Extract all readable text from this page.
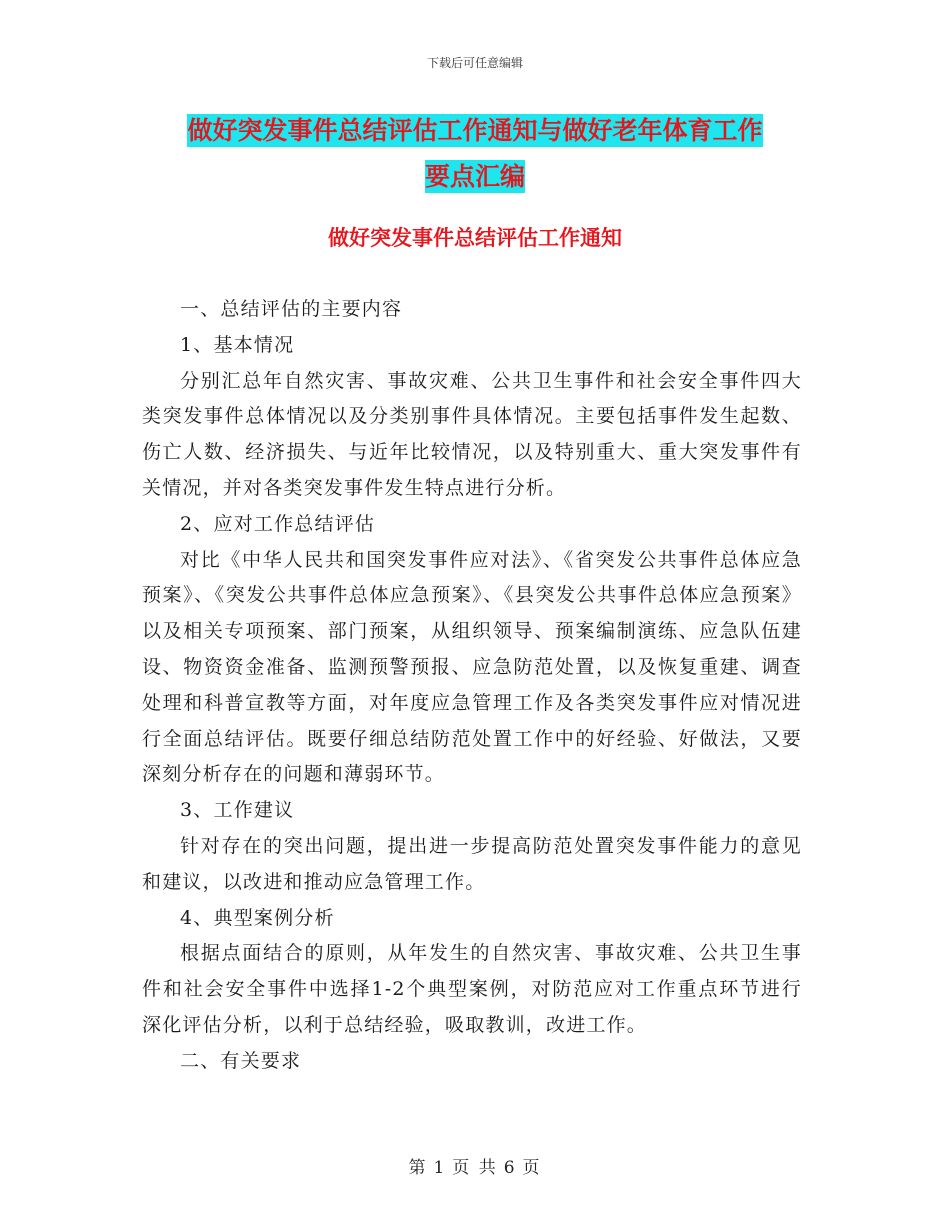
下载后可任意编辑
做好突发事件总结评估工作通知与做好老年体育工作
要点汇编
做好突发事件总结评估工作通知

一、总结评估的主要内容

1、基本情况

分别汇总年自然灾害、事故灾难、公共卫生事件和社会安全事件四大类突发事件总体情况以及分类别事件具体情况。主要包括事件发生起数、伤亡人数、经济损失、与近年比较情况，以及特别重大、重大突发事件有关情况，并对各类突发事件发生特点进行分析。

2、应对工作总结评估

对比《中华人民共和国突发事件应对法》、《省突发公共事件总体应急预案》、《突发公共事件总体应急预案》、《县突发公共事件总体应急预案》以及相关专项预案、部门预案，从组织领导、预案编制演练、应急队伍建设、物资资金准备、监测预警预报、应急防范处置，以及恢复重建、调查处理和科普宣教等方面，对年度应急管理工作及各类突发事件应对情况进行全面总结评估。既要仔细总结防范处置工作中的好经验、好做法，又要深刻分析存在的问题和薄弱环节。

3、工作建议

针对存在的突出问题，提出进一步提高防范处置突发事件能力的意见和建议，以改进和推动应急管理工作。

4、典型案例分析

根据点面结合的原则，从年发生的自然灾害、事故灾难、公共卫生事件和社会安全事件中选择1-2个典型案例，对防范应对工作重点环节进行深化评估分析，以利于总结经验，吸取教训，改进工作。

二、有关要求

第 1 页 共 6 页
